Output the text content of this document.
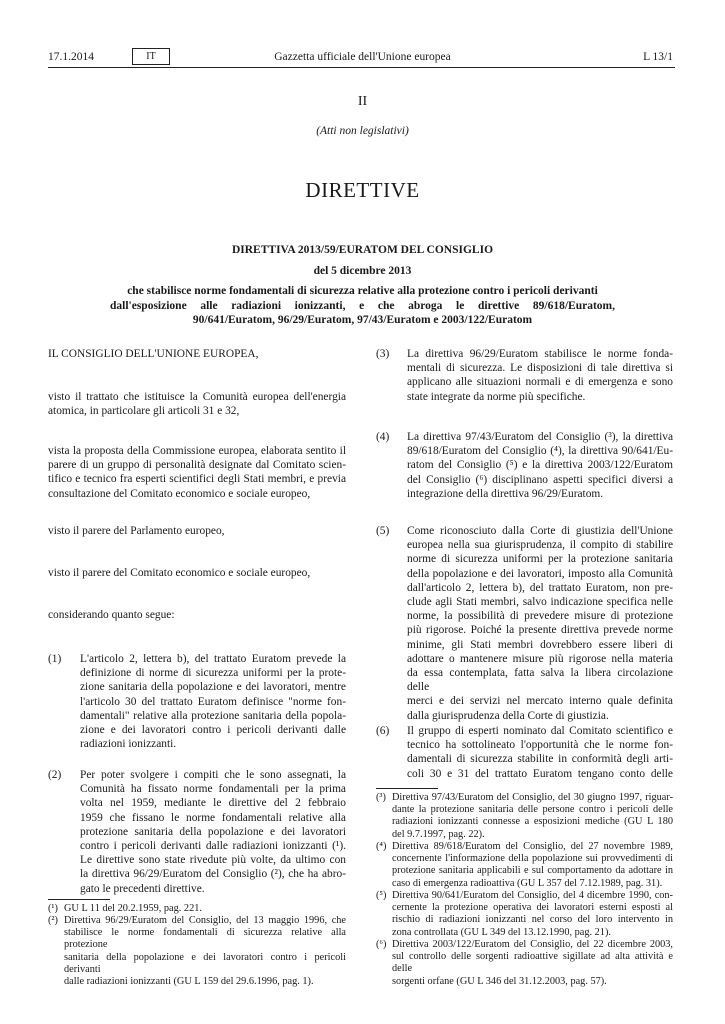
17.1.2014	IT	Gazzetta ufficiale dell'Unione europea	L 13/1
II
(Atti non legislativi)
DIRETTIVE
DIRETTIVA 2013/59/EURATOM DEL CONSIGLIO
del 5 dicembre 2013
che stabilisce norme fondamentali di sicurezza relative alla protezione contro i pericoli derivanti
dall'esposizione alle radiazioni ionizzanti, e che abroga le direttive 89/618/Euratom,
90/641/Euratom, 96/29/Euratom, 97/43/Euratom e 2003/122/Euratom
IL CONSIGLIO DELL'UNIONE EUROPEA,
visto il trattato che istituisce la Comunità europea dell'energia
atomica, in particolare gli articoli 31 e 32,
vista la proposta della Commissione europea, elaborata sentito il
parere di un gruppo di personalità designate dal Comitato scien-
tifico e tecnico fra esperti scientifici degli Stati membri, e previa
consultazione del Comitato economico e sociale europeo,
visto il parere del Parlamento europeo,
visto il parere del Comitato economico e sociale europeo,
considerando quanto segue:
(1) L'articolo 2, lettera b), del trattato Euratom prevede la
definizione di norme di sicurezza uniformi per la prote-
zione sanitaria della popolazione e dei lavoratori, mentre
l'articolo 30 del trattato Euratom definisce "norme fon-
damentali" relative alla protezione sanitaria della popola-
zione e dei lavoratori contro i pericoli derivanti dalle
radiazioni ionizzanti.
(2) Per poter svolgere i compiti che le sono assegnati, la
Comunità ha fissato norme fondamentali per la prima
volta nel 1959, mediante le direttive del 2 febbraio
1959 che fissano le norme fondamentali relative alla
protezione sanitaria della popolazione e dei lavoratori
contro i pericoli derivanti dalle radiazioni ionizzanti (¹).
Le direttive sono state rivedute più volte, da ultimo con
la direttiva 96/29/Euratom del Consiglio (²), che ha abro-
gato le precedenti direttive.
(¹) GU L 11 del 20.2.1959, pag. 221.
(²) Direttiva 96/29/Euratom del Consiglio, del 13 maggio 1996, che
stabilisce le norme fondamentali di sicurezza relative alla protezione
sanitaria della popolazione e dei lavoratori contro i pericoli derivanti
dalle radiazioni ionizzanti (GU L 159 del 29.6.1996, pag. 1).
(3) La direttiva 96/29/Euratom stabilisce le norme fonda-
mentali di sicurezza. Le disposizioni di tale direttiva si
applicano alle situazioni normali e di emergenza e sono
state integrate da norme più specifiche.
(4) La direttiva 97/43/Euratom del Consiglio (³), la direttiva
89/618/Euratom del Consiglio (⁴), la direttiva 90/641/Eu-
ratom del Consiglio (⁵) e la direttiva 2003/122/Euratom
del Consiglio (⁶) disciplinano aspetti specifici diversi a
integrazione della direttiva 96/29/Euratom.
(5) Come riconosciuto dalla Corte di giustizia dell'Unione
europea nella sua giurisprudenza, il compito di stabilire
norme di sicurezza uniformi per la protezione sanitaria
della popolazione e dei lavoratori, imposto alla Comunità
dall'articolo 2, lettera b), del trattato Euratom, non pre-
clude agli Stati membri, salvo indicazione specifica nelle
norme, la possibilità di prevedere misure di protezione
più rigorose. Poiché la presente direttiva prevede norme
minime, gli Stati membri dovrebbero essere liberi di
adottare o mantenere misure più rigorose nella materia
da essa contemplata, fatta salva la libera circolazione delle
merci e dei servizi nel mercato interno quale definita
dalla giurisprudenza della Corte di giustizia.
(6) Il gruppo di esperti nominato dal Comitato scientifico e
tecnico ha sottolineato l'opportunità che le norme fon-
damentali di sicurezza stabilite in conformità degli arti-
coli 30 e 31 del trattato Euratom tengano conto delle
(³) Direttiva 97/43/Euratom del Consiglio, del 30 giugno 1997, riguar-
dante la protezione sanitaria delle persone contro i pericoli delle
radiazioni ionizzanti connesse a esposizioni mediche (GU L 180
del 9.7.1997, pag. 22).
(⁴) Direttiva 89/618/Euratom del Consiglio, del 27 novembre 1989,
concernente l'informazione della popolazione sui provvedimenti di
protezione sanitaria applicabili e sul comportamento da adottare in
caso di emergenza radioattiva (GU L 357 del 7.12.1989, pag. 31).
(⁵) Direttiva 90/641/Euratom del Consiglio, del 4 dicembre 1990, con-
cernente la protezione operativa dei lavoratori esterni esposti al
rischio di radiazioni ionizzanti nel corso del loro intervento in
zona controllata (GU L 349 del 13.12.1990, pag. 21).
(⁶) Direttiva 2003/122/Euratom del Consiglio, del 22 dicembre 2003,
sul controllo delle sorgenti radioattive sigillate ad alta attività e delle
sorgenti orfane (GU L 346 del 31.12.2003, pag. 57).
